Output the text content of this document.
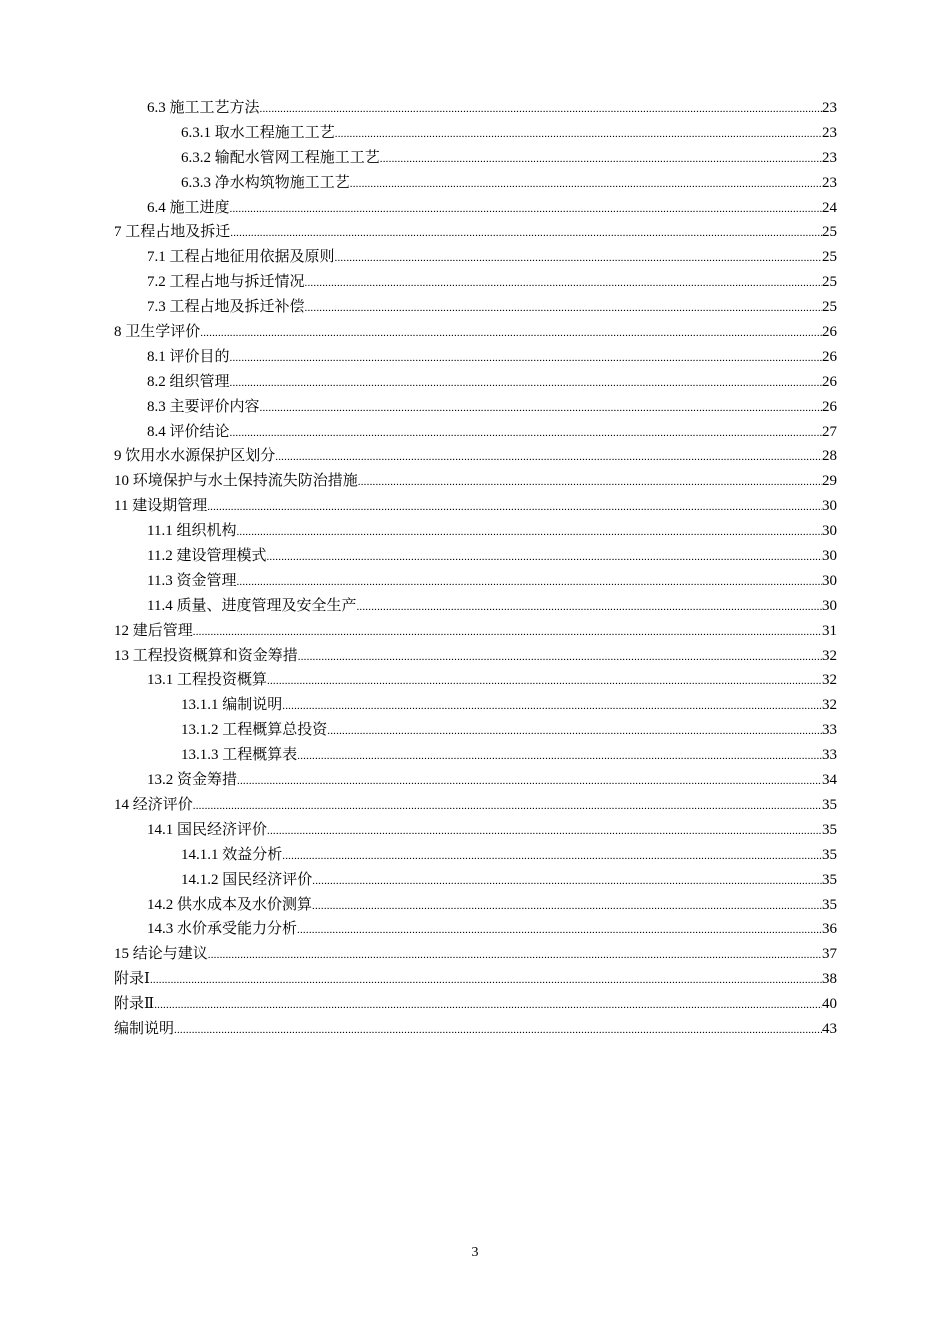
6.3 施工工艺方法 .....	23
6.3.1 取水工程施工工艺 .....	23
6.3.2 输配水管网工程施工工艺 .....	23
6.3.3 净水构筑物施工工艺 .....	23
6.4 施工进度 .....	24
7 工程占地及拆迁 .....	25
7.1 工程占地征用依据及原则 .....	25
7.2 工程占地与拆迁情况 .....	25
7.3 工程占地及拆迁补偿 .....	25
8 卫生学评价 .....	26
8.1 评价目的 .....	26
8.2 组织管理 .....	26
8.3 主要评价内容 .....	26
8.4 评价结论 .....	27
9 饮用水水源保护区划分 .....	28
10 环境保护与水土保持流失防治措施 .....	29
11 建设期管理 .....	30
11.1 组织机构 .....	30
11.2 建设管理模式 .....	30
11.3 资金管理 .....	30
11.4 质量、进度管理及安全生产 .....	30
12 建后管理 .....	31
13 工程投资概算和资金筹措 .....	32
13.1 工程投资概算 .....	32
13.1.1 编制说明 .....	32
13.1.2 工程概算总投资 .....	33
13.1.3 工程概算表 .....	33
13.2 资金筹措 .....	34
14 经济评价 .....	35
14.1 国民经济评价 .....	35
14.1.1 效益分析 .....	35
14.1.2 国民经济评价 .....	35
14.2 供水成本及水价测算 .....	35
14.3 水价承受能力分析 .....	36
15 结论与建议 .....	37
附录Ⅰ .....	38
附录Ⅱ .....	40
编制说明 .....	43
3
